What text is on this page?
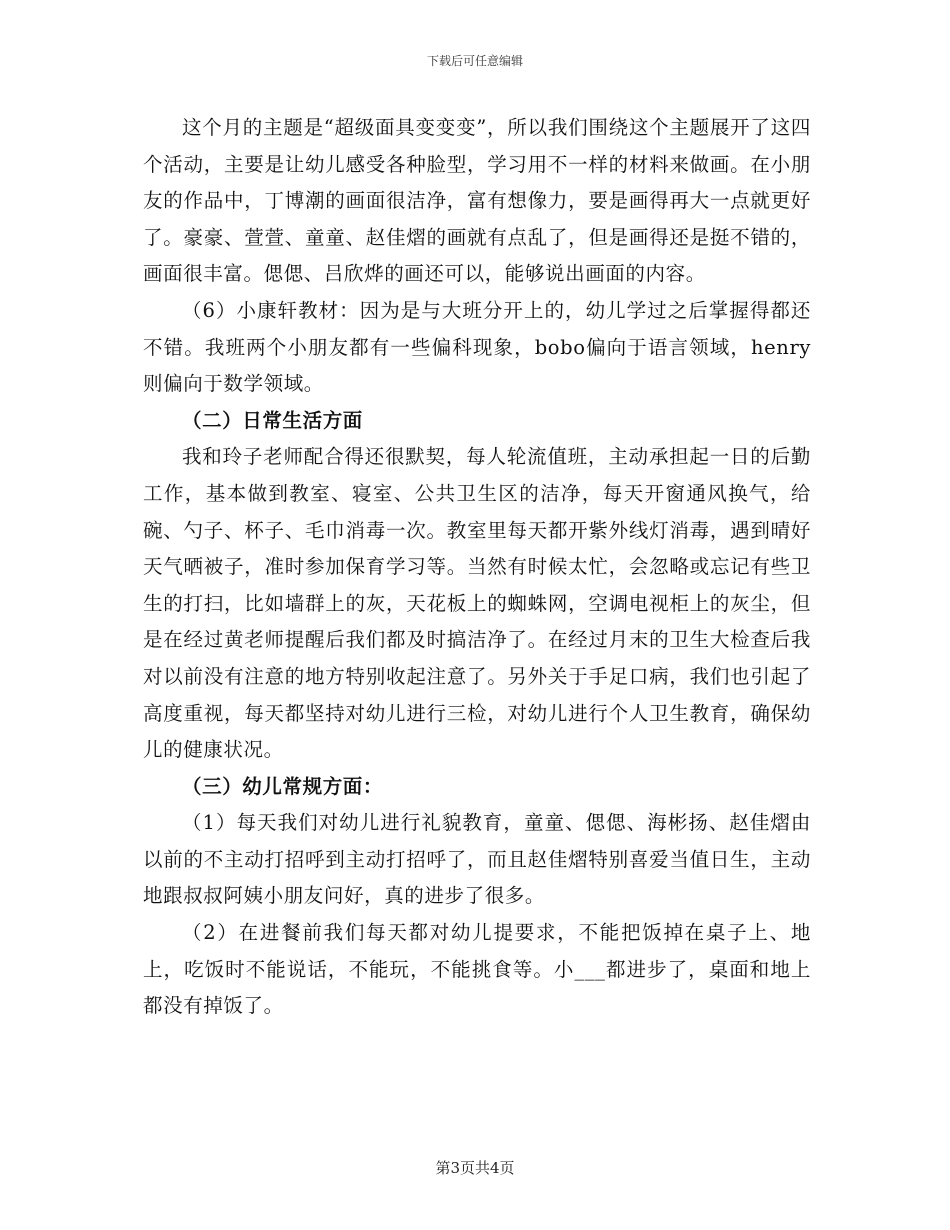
下载后可任意编辑

这个月的主题是“超级面具变变变”，所以我们围绕这个主题展开了这四个活动，主要是让幼儿感受各种脸型，学习用不一样的材料来做画。在小朋友的作品中，丁博潮的画面很洁净，富有想像力，要是画得再大一点就更好了。豪豪、萱萱、童童、赵佳熠的画就有点乱了，但是画得还是挺不错的，画面很丰富。偲偲、吕欣烨的画还可以，能够说出画面的内容。

（6）小康轩教材：因为是与大班分开上的，幼儿学过之后掌握得都还不错。我班两个小朋友都有一些偏科现象，bobo偏向于语言领域，henry则偏向于数学领域。

（二）日常生活方面

我和玲子老师配合得还很默契，每人轮流值班，主动承担起一日的后勤工作，基本做到教室、寝室、公共卫生区的洁净，每天开窗通风换气，给碗、勺子、杯子、毛巾消毒一次。教室里每天都开紫外线灯消毒，遇到晴好天气晒被子，准时参加保育学习等。当然有时候太忙，会忽略或忘记有些卫生的打扫，比如墙群上的灰，天花板上的蜘蛛网，空调电视柜上的灰尘，但是在经过黄老师提醒后我们都及时搞洁净了。在经过月末的卫生大检查后我对以前没有注意的地方特别收起注意了。另外关于手足口病，我们也引起了高度重视，每天都坚持对幼儿进行三检，对幼儿进行个人卫生教育，确保幼儿的健康状况。

（三）幼儿常规方面：

（1）每天我们对幼儿进行礼貌教育，童童、偲偲、海彬扬、赵佳熠由以前的不主动打招呼到主动打招呼了，而且赵佳熠特别喜爱当值日生，主动地跟叔叔阿姨小朋友问好，真的进步了很多。

（2）在进餐前我们每天都对幼儿提要求，不能把饭掉在桌子上、地上，吃饭时不能说话，不能玩，不能挑食等。小___都进步了，桌面和地上都没有掉饭了。

第3页共4页
